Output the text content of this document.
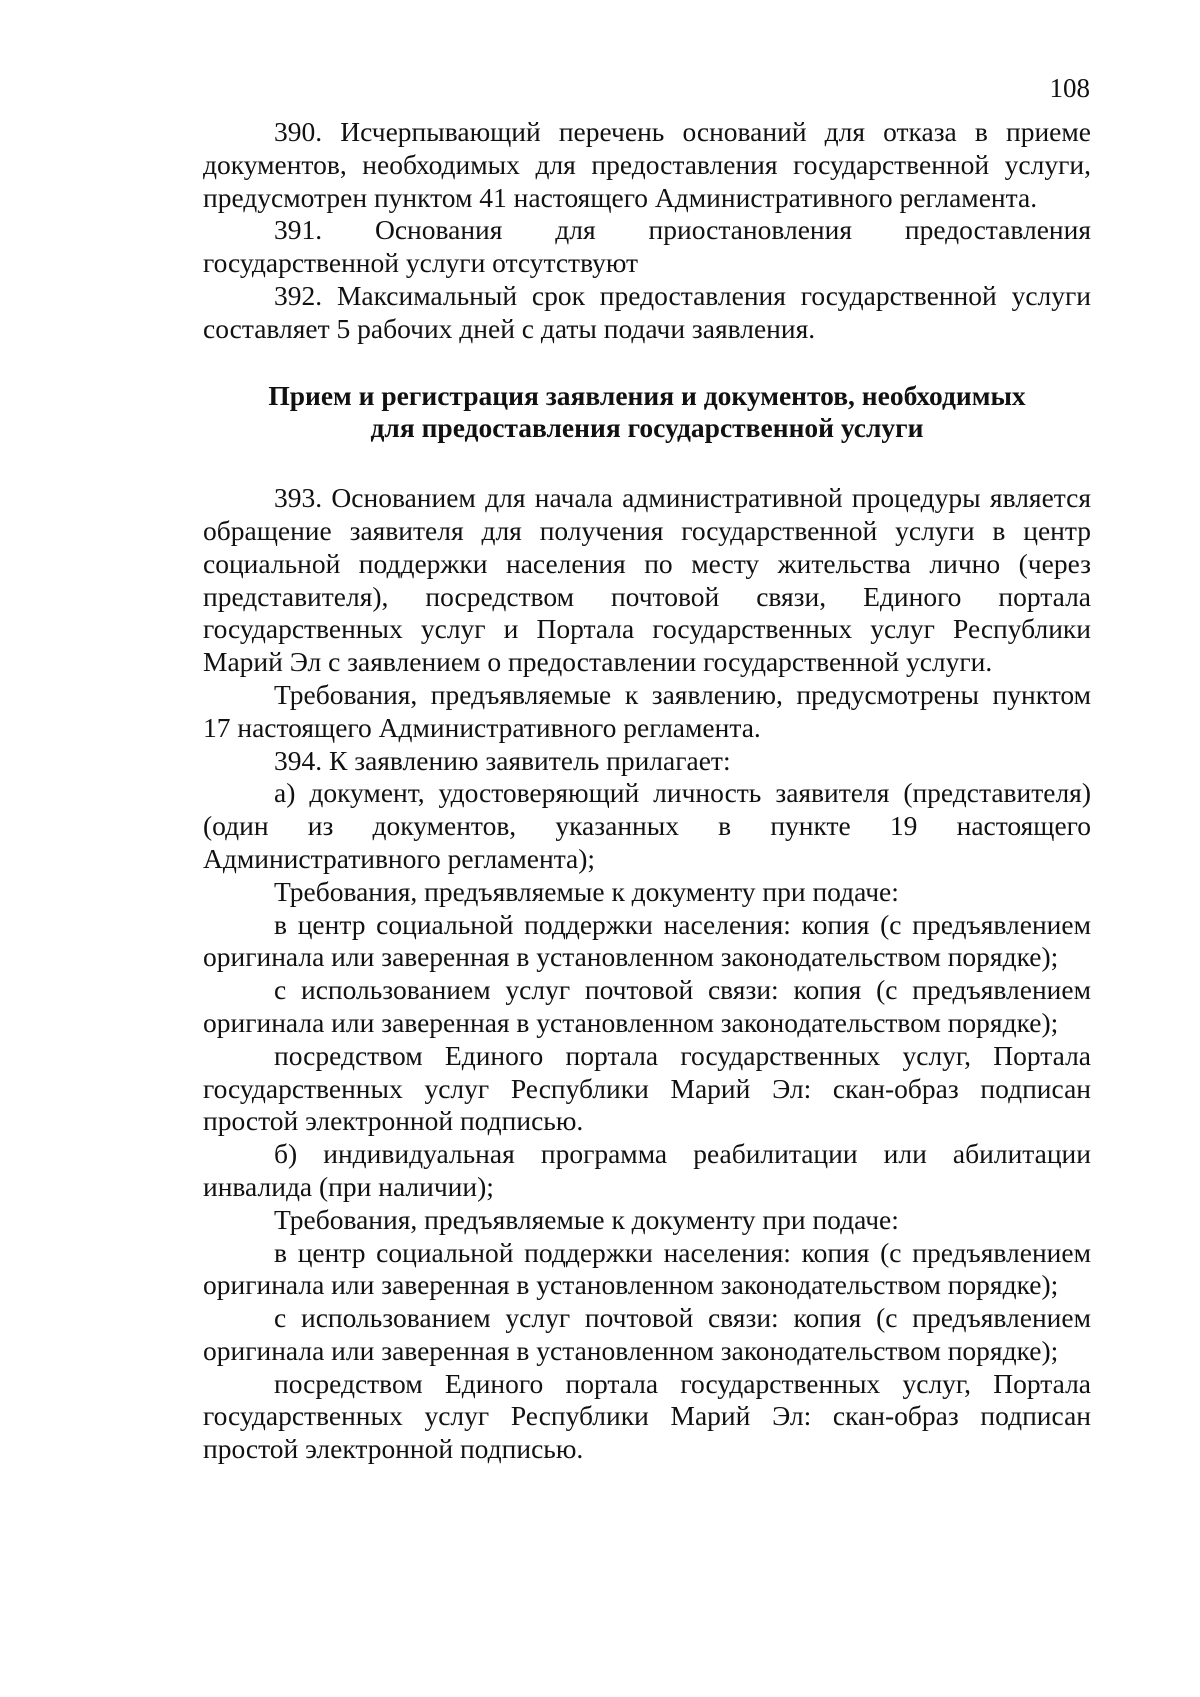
108

390. Исчерпывающий перечень оснований для отказа в приеме документов, необходимых для предоставления государственной услуги, предусмотрен пунктом 41 настоящего Административного регламента.

391. Основания для приостановления предоставления государственной услуги отсутствуют

392. Максимальный срок предоставления государственной услуги составляет 5 рабочих дней с даты подачи заявления.

Прием и регистрация заявления и документов, необходимых
для предоставления государственной услуги

393. Основанием для начала административной процедуры является обращение заявителя для получения государственной услуги в центр социальной поддержки населения по месту жительства лично (через представителя), посредством почтовой связи, Единого портала государственных услуг и Портала государственных услуг Республики Марий Эл с заявлением о предоставлении государственной услуги.

Требования, предъявляемые к заявлению, предусмотрены пунктом 17 настоящего Административного регламента.

394. К заявлению заявитель прилагает:

а) документ, удостоверяющий личность заявителя (представителя) (один из документов, указанных в пункте 19 настоящего Административного регламента);

Требования, предъявляемые к документу при подаче:

в центр социальной поддержки населения: копия (с предъявлением оригинала или заверенная в установленном законодательством порядке);

с использованием услуг почтовой связи: копия (с предъявлением оригинала или заверенная в установленном законодательством порядке);

посредством Единого портала государственных услуг, Портала государственных услуг Республики Марий Эл: скан-образ подписан простой электронной подписью.

б) индивидуальная программа реабилитации или абилитации инвалида (при наличии);

Требования, предъявляемые к документу при подаче:

в центр социальной поддержки населения: копия (с предъявлением оригинала или заверенная в установленном законодательством порядке);

с использованием услуг почтовой связи: копия (с предъявлением оригинала или заверенная в установленном законодательством порядке);

посредством Единого портала государственных услуг, Портала государственных услуг Республики Марий Эл: скан-образ подписан простой электронной подписью.
